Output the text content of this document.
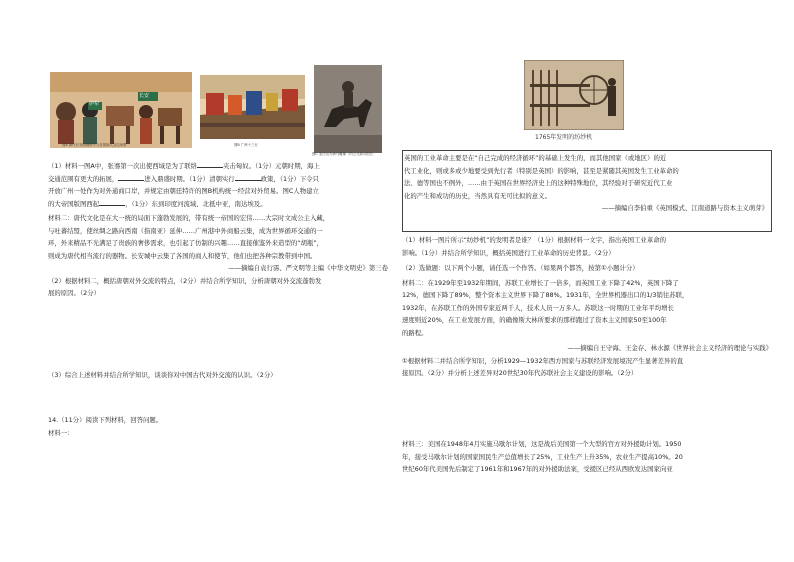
伊犁
长安
图A 唐代长安西域使节与各国商人交往场景	图B 广州十三行
图C 亚历山大骑马雕像（约公元前1世纪）

（1）材料一图A中，张骞第一次出使西域是为了联络	夹击匈奴。（1分）元朝时期，海上

交通范围有更大的拓展，	进入鼎盛时期。（1分）清朝实行	政策，（1分）下令只

开放广州一处作为对外通商口岸，并规定由朝廷特许的图B机构统一经营对外贸易。图C人物建立

的大帝国版图西起	，（1分）东到印度河流域、北抵中亚，南达埃及。

材料二：唐代文化是在大一统的局面下蓬勃发展的，带有统一帝国的宏伟……大宗时文成公主入藏，

与吐蕃结盟，使丝绸之路向西南（指南亚）延伸……广州港中外商船云集，成为世界循环交通的一

环，外来精品不光满足了贵族的奢侈需求，也引起了仿制的兴趣……直接催鉴外来造型的“胡瓶”，

则成为唐代相当流行的器物。长安城中云集了各国的商人和使节，他们也把各种宗教带到中国。

——摘编自袁行霈、严文明等主编《中华文明史》第三卷

（2）根据材料二，概括唐朝对外交流的特点，（2分）并结合所学知识，分析唐朝对外交流蓬勃发

展的原因。（2分）

（3）综合上述材料并结合所学知识，谈谈你对中国古代对外交流的认识。（2分）

14.（11分）阅读下列材料，回答问题。

材料一：

1765年发明的纺纱机

英国的工业革命主要是在“自己完成的经济循环”的基础上发生的，而其他国家（或地区）的近

代工业化，则或多或少地要受到先行者（特别是英国）的影响，甚至是紧随其英国发生工业革命的

法、德等国也不例外，……由于英国在世界经济史上的这种特殊地位，其经验对于研究近代工业

化的产生和成功的历史，当然具有无可比拟的意义。

——摘编自李伯重《英国模式、江南道路与资本主义萌芽》

（1）材料一图片所示“纺纱机”的发明者是谁？（1分）根据材料一文字，指出英国工业革命的

影响。（1分）并结合所学知识，概括英国进行工业革命的历史背景。（2分）

（2）选做题：以下两个小题，请任选一个作答。（如果两个都答，按第①小题计分）

材料二：在1929年至1932年期间，苏联工业增长了一倍多，而英国工业下降了42%，英国下降了

12%，德国下降了89%，整个资本主义世界下降了88%。1931年，全世界机器出口的1/3销往苏联，

1932年，在苏联工作的外国专家近两千人，技术人员一万多人。苏联这一时期的工业年平均增长

速度则近20%，在工业发展方面，的确像斯大林所要求的那样跑过了资本主义国家50至100年

的路程。

——摘编自王守海、王金存、林水源《世界社会主义经济的理论与实践》

①根据材料二并结合所学知识，分析1929—1932年西方国家与苏联经济发展境况产生显著差异的直

接原因。（2分）并分析上述差异对20世纪30年代苏联社会主义建设的影响。（2分）

材料三：美国在1948年4月实施马歇尔计划，这是战后美国第一个大型的官方对外援助计划。1950

年，接受马歇尔计划的国家国民生产总值增长了25%，工业生产上升35%，农业生产提高10%。20

世纪60年代美国先后制定了1961年和1967年的对外援助法案，受援区已经从西欧发达国家向亚
